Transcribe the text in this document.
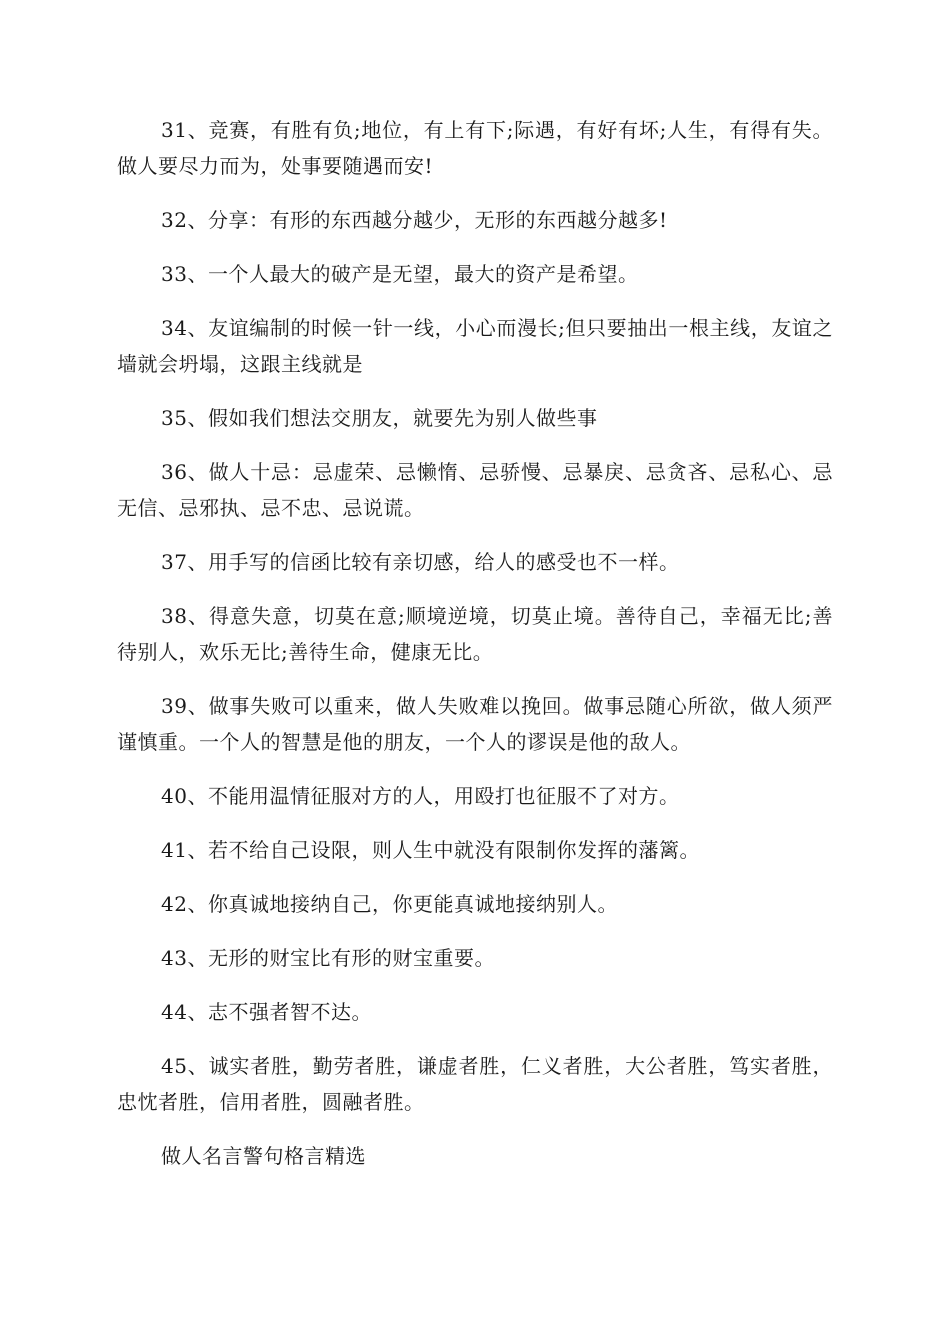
31、竞赛，有胜有负;地位，有上有下;际遇，有好有坏;人生，有得有失。做人要尽力而为，处事要随遇而安!

32、分享：有形的东西越分越少，无形的东西越分越多!

33、一个人最大的破产是无望，最大的资产是希望。

34、友谊编制的时候一针一线，小心而漫长;但只要抽出一根主线，友谊之墙就会坍塌，这跟主线就是

35、假如我们想法交朋友，就要先为别人做些事

36、做人十忌：忌虚荣、忌懒惰、忌骄慢、忌暴戾、忌贪吝、忌私心、忌无信、忌邪执、忌不忠、忌说谎。

37、用手写的信函比较有亲切感，给人的感受也不一样。

38、得意失意，切莫在意;顺境逆境，切莫止境。善待自己，幸福无比;善待别人，欢乐无比;善待生命，健康无比。

39、做事失败可以重来，做人失败难以挽回。做事忌随心所欲，做人须严谨慎重。一个人的智慧是他的朋友，一个人的谬误是他的敌人。

40、不能用温情征服对方的人，用殴打也征服不了对方。

41、若不给自己设限，则人生中就没有限制你发挥的藩篱。

42、你真诚地接纳自己，你更能真诚地接纳别人。

43、无形的财宝比有形的财宝重要。

44、志不强者智不达。

45、诚实者胜，勤劳者胜，谦虚者胜，仁义者胜，大公者胜，笃实者胜，忠忱者胜，信用者胜，圆融者胜。

做人名言警句格言精选
